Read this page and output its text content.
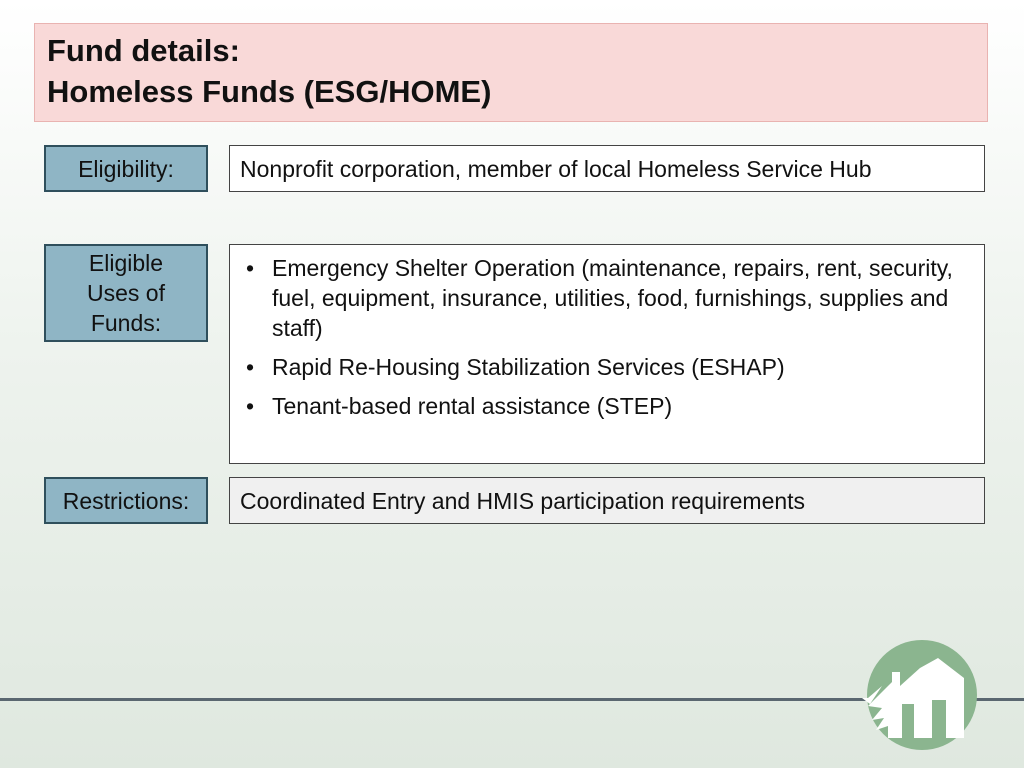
Fund details:
Homeless Funds (ESG/HOME)
Eligibility:	Nonprofit corporation, member of local Homeless Service Hub
Eligible
Uses of
Funds:
• Emergency Shelter Operation (maintenance, repairs, rent, security, fuel, equipment, insurance, utilities, food, furnishings, supplies and staff)
• Rapid Re-Housing Stabilization Services (ESHAP)
• Tenant-based rental assistance (STEP)
Restrictions:	Coordinated Entry and HMIS participation requirements
